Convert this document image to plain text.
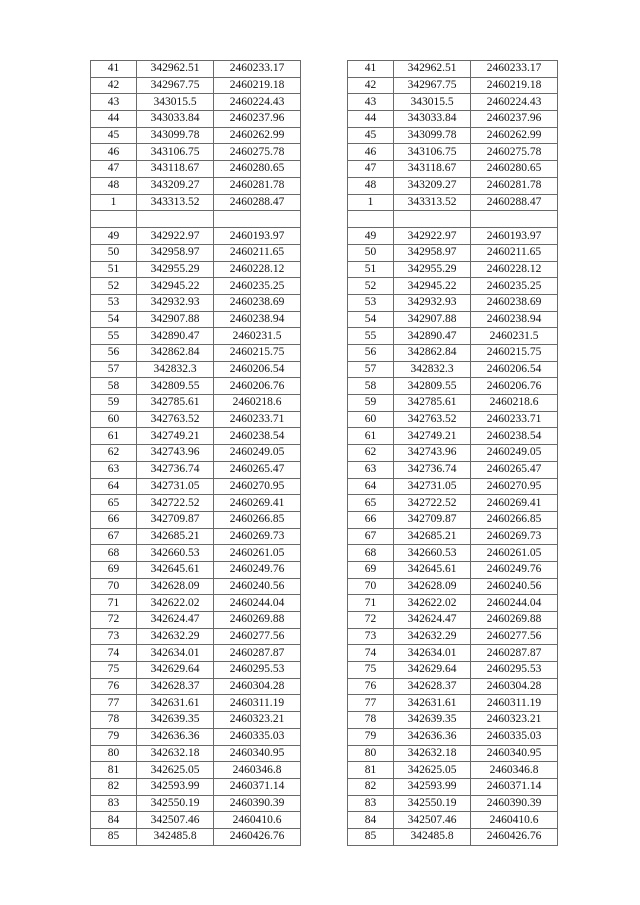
41	342962.51	2460233.17
42	342967.75	2460219.18
43	343015.5	2460224.43
44	343033.84	2460237.96
45	343099.78	2460262.99
46	343106.75	2460275.78
47	343118.67	2460280.65
48	343209.27	2460281.78
1	343313.52	2460288.47

49	342922.97	2460193.97
50	342958.97	2460211.65
51	342955.29	2460228.12
52	342945.22	2460235.25
53	342932.93	2460238.69
54	342907.88	2460238.94
55	342890.47	2460231.5
56	342862.84	2460215.75
57	342832.3	2460206.54
58	342809.55	2460206.76
59	342785.61	2460218.6
60	342763.52	2460233.71
61	342749.21	2460238.54
62	342743.96	2460249.05
63	342736.74	2460265.47
64	342731.05	2460270.95
65	342722.52	2460269.41
66	342709.87	2460266.85
67	342685.21	2460269.73
68	342660.53	2460261.05
69	342645.61	2460249.76
70	342628.09	2460240.56
71	342622.02	2460244.04
72	342624.47	2460269.88
73	342632.29	2460277.56
74	342634.01	2460287.87
75	342629.64	2460295.53
76	342628.37	2460304.28
77	342631.61	2460311.19
78	342639.35	2460323.21
79	342636.36	2460335.03
80	342632.18	2460340.95
81	342625.05	2460346.8
82	342593.99	2460371.14
83	342550.19	2460390.39
84	342507.46	2460410.6
85	342485.8	2460426.76
41	342962.51	2460233.17
42	342967.75	2460219.18
43	343015.5	2460224.43
44	343033.84	2460237.96
45	343099.78	2460262.99
46	343106.75	2460275.78
47	343118.67	2460280.65
48	343209.27	2460281.78
1	343313.52	2460288.47

49	342922.97	2460193.97
50	342958.97	2460211.65
51	342955.29	2460228.12
52	342945.22	2460235.25
53	342932.93	2460238.69
54	342907.88	2460238.94
55	342890.47	2460231.5
56	342862.84	2460215.75
57	342832.3	2460206.54
58	342809.55	2460206.76
59	342785.61	2460218.6
60	342763.52	2460233.71
61	342749.21	2460238.54
62	342743.96	2460249.05
63	342736.74	2460265.47
64	342731.05	2460270.95
65	342722.52	2460269.41
66	342709.87	2460266.85
67	342685.21	2460269.73
68	342660.53	2460261.05
69	342645.61	2460249.76
70	342628.09	2460240.56
71	342622.02	2460244.04
72	342624.47	2460269.88
73	342632.29	2460277.56
74	342634.01	2460287.87
75	342629.64	2460295.53
76	342628.37	2460304.28
77	342631.61	2460311.19
78	342639.35	2460323.21
79	342636.36	2460335.03
80	342632.18	2460340.95
81	342625.05	2460346.8
82	342593.99	2460371.14
83	342550.19	2460390.39
84	342507.46	2460410.6
85	342485.8	2460426.76
